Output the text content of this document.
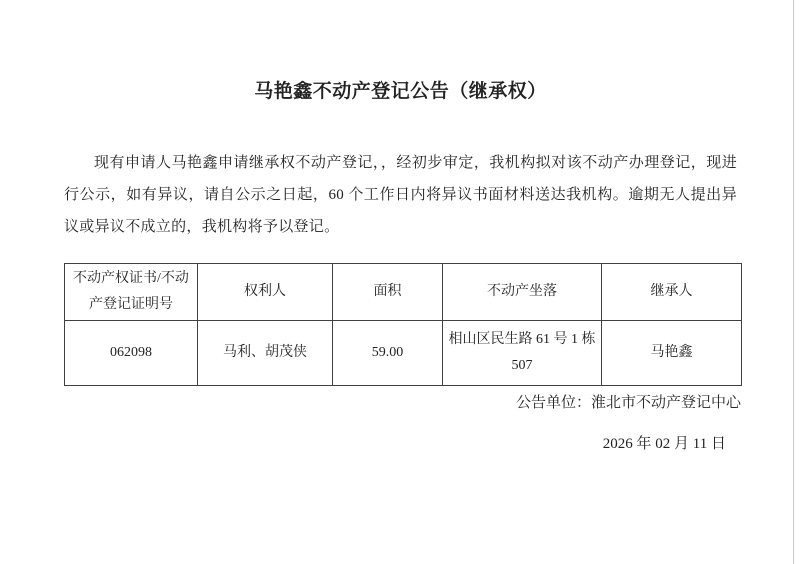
马艳鑫不动产登记公告（继承权）

现有申请人马艳鑫申请继承权不动产登记，，经初步审定，我机构拟对该不动产办理登记，现进行公示，如有异议，请自公示之日起，60 个工作日内将异议书面材料送达我机构。逾期无人提出异议或异议不成立的，我机构将予以登记。

不动产权证书/不动产登记证明号	权利人	面积	不动产坐落	继承人
062098	马利、胡茂侠	59.00	相山区民生路 61 号 1 栋 507	马艳鑫

公告单位：淮北市不动产登记中心

2026 年 02 月 11 日
